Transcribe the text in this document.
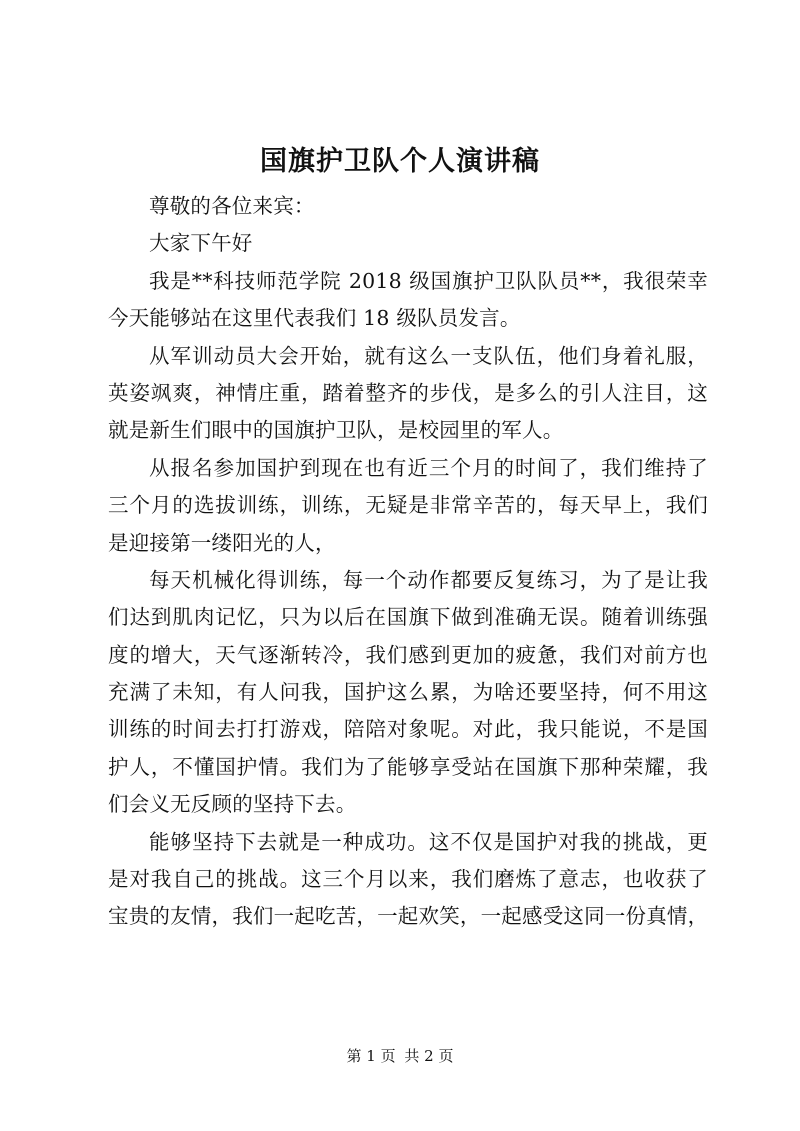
国旗护卫队个人演讲稿
尊敬的各位来宾：
大家下午好
我是**科技师范学院 2018 级国旗护卫队队员**，我很荣幸
今天能够站在这里代表我们 18 级队员发言。
从军训动员大会开始，就有这么一支队伍，他们身着礼服，
英姿飒爽，神情庄重，踏着整齐的步伐，是多么的引人注目，这
就是新生们眼中的国旗护卫队，是校园里的军人。
从报名参加国护到现在也有近三个月的时间了，我们维持了
三个月的选拔训练，训练，无疑是非常辛苦的，每天早上，我们
是迎接第一缕阳光的人，
每天机械化得训练，每一个动作都要反复练习，为了是让我
们达到肌肉记忆，只为以后在国旗下做到准确无误。随着训练强
度的增大，天气逐渐转冷，我们感到更加的疲惫，我们对前方也
充满了未知，有人问我，国护这么累，为啥还要坚持，何不用这
训练的时间去打打游戏，陪陪对象呢。对此，我只能说，不是国
护人，不懂国护情。我们为了能够享受站在国旗下那种荣耀，我
们会义无反顾的坚持下去。
能够坚持下去就是一种成功。这不仅是国护对我的挑战，更
是对我自己的挑战。这三个月以来，我们磨炼了意志，也收获了
宝贵的友情，我们一起吃苦，一起欢笑，一起感受这同一份真情，
第 1 页 共 2 页
